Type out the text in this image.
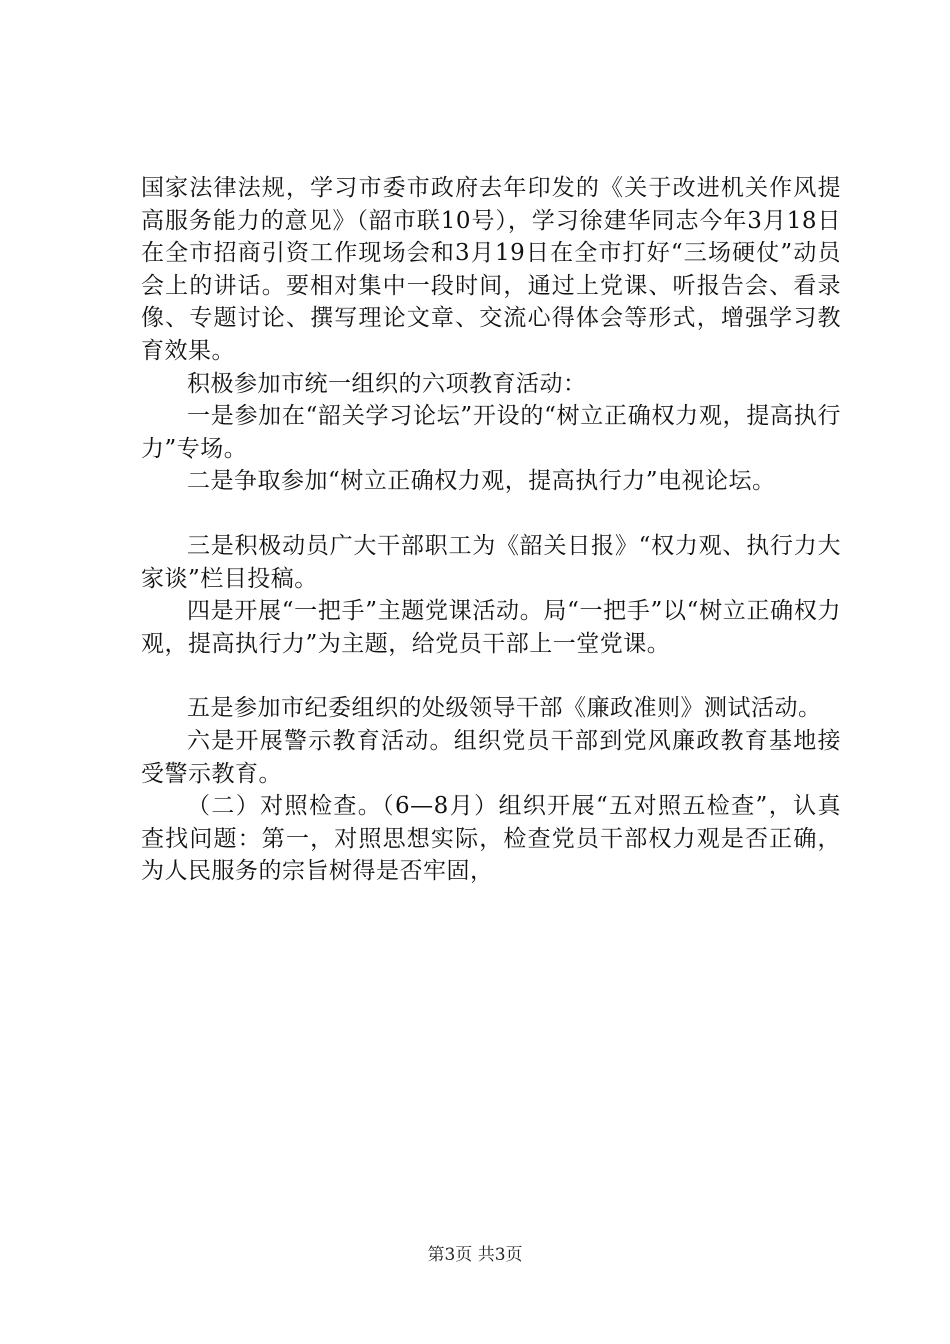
国家法律法规，学习市委市政府去年印发的《关于改进机关作风提高服务能力的意见》（韶市联10号），学习徐建华同志今年3月18日在全市招商引资工作现场会和3月19日在全市打好“三场硬仗”动员会上的讲话。要相对集中一段时间，通过上党课、听报告会、看录像、专题讨论、撰写理论文章、交流心得体会等形式，增强学习教育效果。

积极参加市统一组织的六项教育活动：

一是参加在“韶关学习论坛”开设的“树立正确权力观，提高执行力”专场。

二是争取参加“树立正确权力观，提高执行力”电视论坛。

三是积极动员广大干部职工为《韶关日报》“权力观、执行力大家谈”栏目投稿。

四是开展“一把手”主题党课活动。局“一把手”以“树立正确权力观，提高执行力”为主题，给党员干部上一堂党课。

五是参加市纪委组织的处级领导干部《廉政准则》测试活动。

六是开展警示教育活动。组织党员干部到党风廉政教育基地接受警示教育。

（二）对照检查。（6—8月）组织开展“五对照五检查”，认真查找问题：第一，对照思想实际，检查党员干部权力观是否正确，为人民服务的宗旨树得是否牢固，

第3页 共3页
